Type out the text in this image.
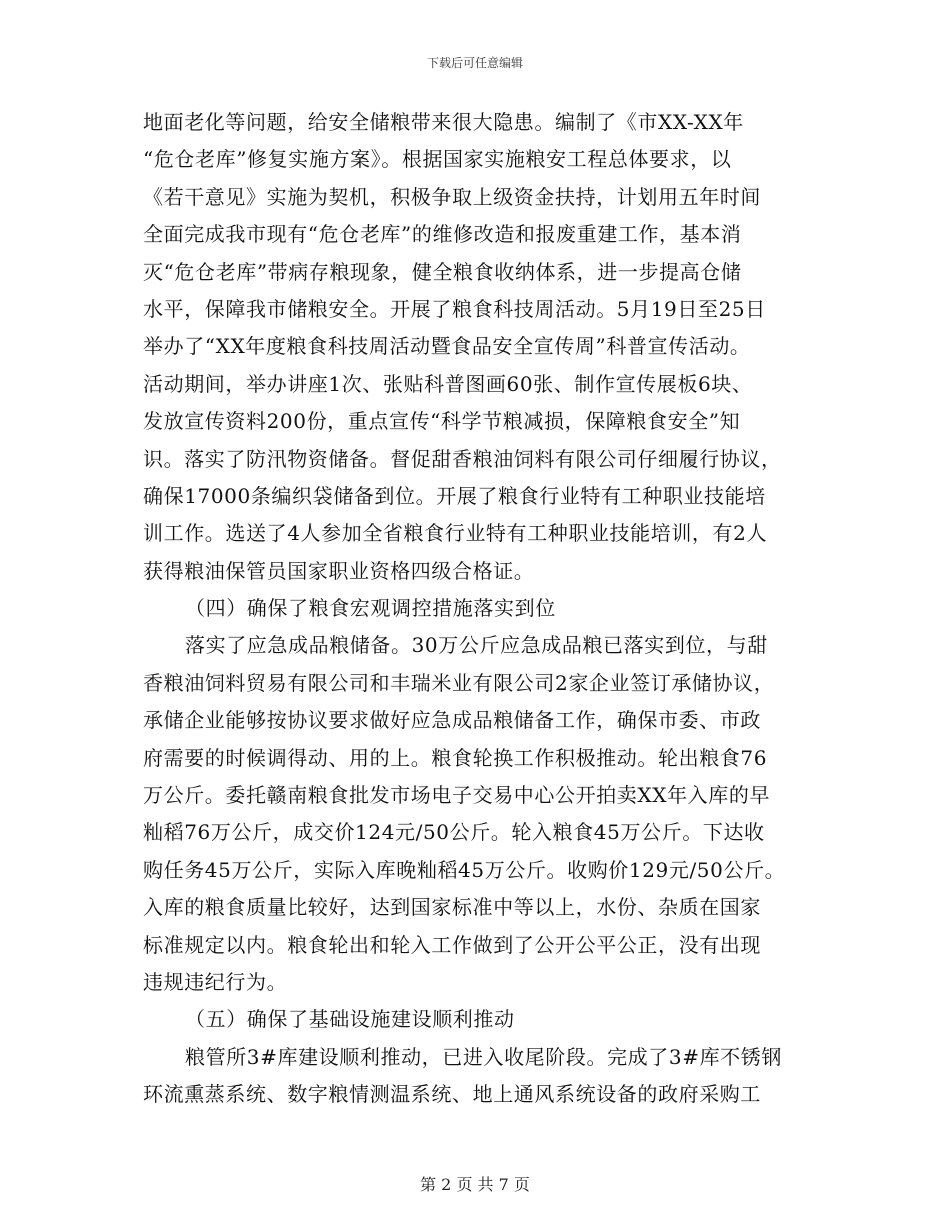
下载后可任意编辑
地面老化等问题，给安全储粮带来很大隐患。编制了《市XX-XX年
“危仓老库”修复实施方案》。根据国家实施粮安工程总体要求，以
《若干意见》实施为契机，积极争取上级资金扶持，计划用五年时间
全面完成我市现有“危仓老库”的维修改造和报废重建工作，基本消
灭“危仓老库”带病存粮现象，健全粮食收纳体系，进一步提高仓储
水平，保障我市储粮安全。开展了粮食科技周活动。5月19日至25日
举办了“XX年度粮食科技周活动暨食品安全宣传周”科普宣传活动。
活动期间，举办讲座1次、张贴科普图画60张、制作宣传展板6块、
发放宣传资料200份，重点宣传“科学节粮减损，保障粮食安全”知
识。落实了防汛物资储备。督促甜香粮油饲料有限公司仔细履行协议，
确保17000条编织袋储备到位。开展了粮食行业特有工种职业技能培
训工作。选送了4人参加全省粮食行业特有工种职业技能培训，有2人
获得粮油保管员国家职业资格四级合格证。
（四）确保了粮食宏观调控措施落实到位
落实了应急成品粮储备。30万公斤应急成品粮已落实到位，与甜
香粮油饲料贸易有限公司和丰瑞米业有限公司2家企业签订承储协议，
承储企业能够按协议要求做好应急成品粮储备工作，确保市委、市政
府需要的时候调得动、用的上。粮食轮换工作积极推动。轮出粮食76
万公斤。委托赣南粮食批发市场电子交易中心公开拍卖XX年入库的早
籼稻76万公斤，成交价124元/50公斤。轮入粮食45万公斤。下达收
购任务45万公斤，实际入库晚籼稻45万公斤。收购价129元/50公斤。
入库的粮食质量比较好，达到国家标准中等以上，水份、杂质在国家
标准规定以内。粮食轮出和轮入工作做到了公开公平公正，没有出现
违规违纪行为。
（五）确保了基础设施建设顺利推动
粮管所3#库建设顺利推动，已进入收尾阶段。完成了3#库不锈钢
环流熏蒸系统、数字粮情测温系统、地上通风系统设备的政府采购工
第 2 页 共 7 页
